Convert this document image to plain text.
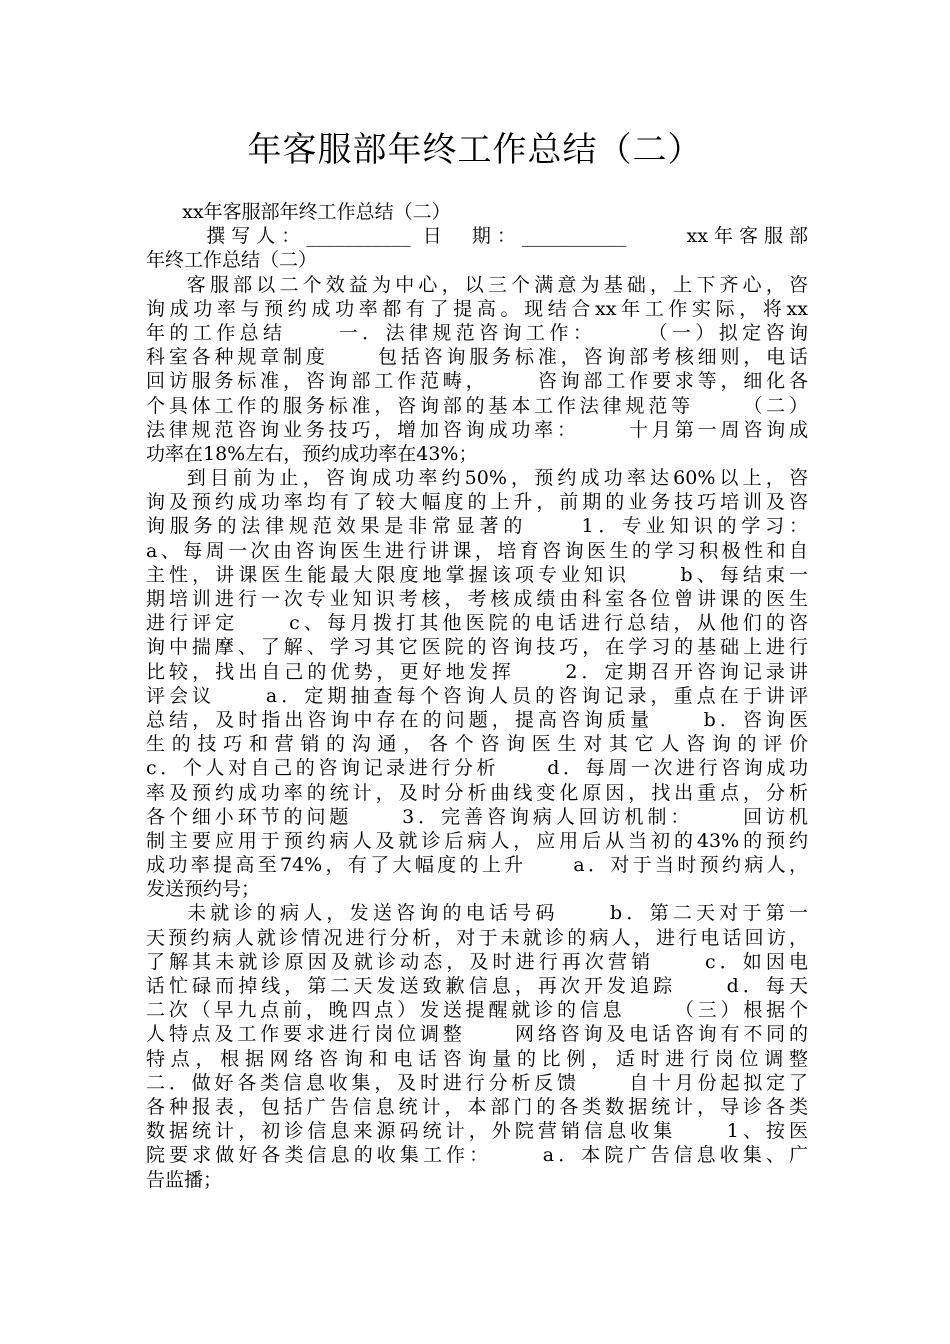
年客服部年终工作总结（二）
xx年客服部年终工作总结（二）
撰写人：___________ 日  期：___________     xx年客服部
年终工作总结（二）
客服部以二个效益为中心，以三个满意为基础，上下齐心，咨
询成功率与预约成功率都有了提高。现结合xx年工作实际，将xx
年的工作总结     一．法律规范咨询工作：     （一）拟定咨询
科室各种规章制度     包括咨询服务标准，咨询部考核细则，电话
回访服务标准，咨询部工作范畴，     咨询部工作要求等，细化各
个具体工作的服务标准，咨询部的基本工作法律规范等     （二）
法律规范咨询业务技巧，增加咨询成功率：     十月第一周咨询成
功率在18%左右，预约成功率在43%；
到目前为止，咨询成功率约50%，预约成功率达60%以上，咨
询及预约成功率均有了较大幅度的上升，前期的业务技巧培训及咨
询服务的法律规范效果是非常显著的     1．专业知识的学习：
a、每周一次由咨询医生进行讲课，培育咨询医生的学习积极性和自
主性，讲课医生能最大限度地掌握该项专业知识     b、每结束一
期培训进行一次专业知识考核，考核成绩由科室各位曾讲课的医生
进行评定     c、每月拨打其他医院的电话进行总结，从他们的咨
询中揣摩、了解、学习其它医院的咨询技巧，在学习的基础上进行
比较，找出自己的优势，更好地发挥     2．定期召开咨询记录讲
评会议     a．定期抽查每个咨询人员的咨询记录，重点在于讲评
总结，及时指出咨询中存在的问题，提高咨询质量     b．咨询医
生的技巧和营销的沟通，各个咨询医生对其它人咨询的评价
c．个人对自己的咨询记录进行分析     d．每周一次进行咨询成功
率及预约成功率的统计，及时分析曲线变化原因，找出重点，分析
各个细小环节的问题     3．完善咨询病人回访机制：     回访机
制主要应用于预约病人及就诊后病人，应用后从当初的43%的预约
成功率提高至74%，有了大幅度的上升     a．对于当时预约病人，
发送预约号；
未就诊的病人，发送咨询的电话号码     b．第二天对于第一
天预约病人就诊情况进行分析，对于未就诊的病人，进行电话回访，
了解其未就诊原因及就诊动态，及时进行再次营销     c．如因电
话忙碌而掉线，第二天发送致歉信息，再次开发追踪     d．每天
二次（早九点前，晚四点）发送提醒就诊的信息     （三）根据个
人特点及工作要求进行岗位调整     网络咨询及电话咨询有不同的
特点，根据网络咨询和电话咨询量的比例，适时进行岗位调整
二．做好各类信息收集，及时进行分析反馈     自十月份起拟定了
各种报表，包括广告信息统计，本部门的各类数据统计，导诊各类
数据统计，初诊信息来源码统计，外院营销信息收集     1、按医
院要求做好各类信息的收集工作：     a．本院广告信息收集、广
告监播；
